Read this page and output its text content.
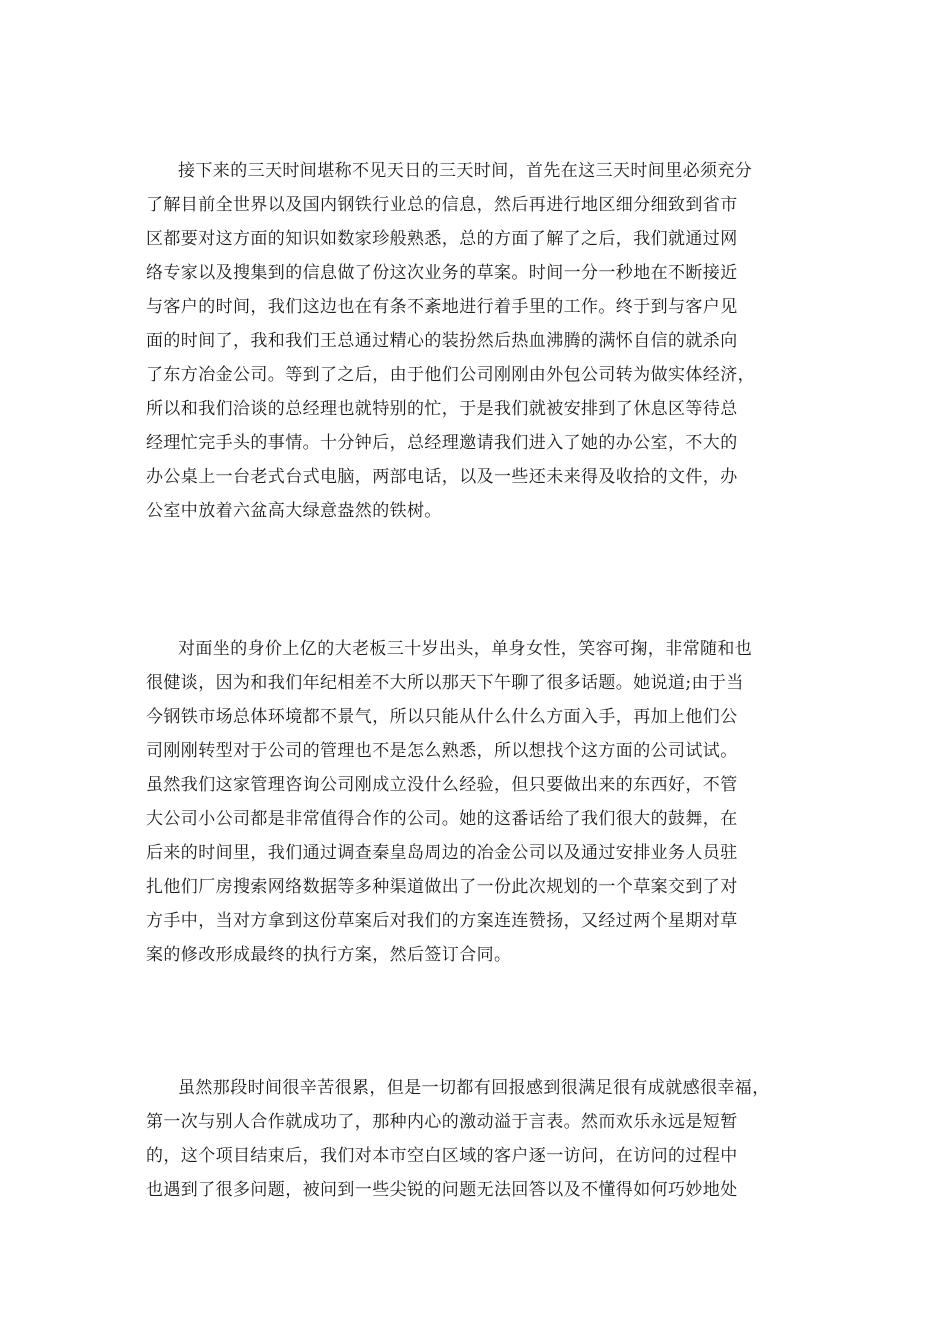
接下来的三天时间堪称不见天日的三天时间，首先在这三天时间里必须充分
了解目前全世界以及国内钢铁行业总的信息，然后再进行地区细分细致到省市
区都要对这方面的知识如数家珍般熟悉，总的方面了解了之后，我们就通过网
络专家以及搜集到的信息做了份这次业务的草案。时间一分一秒地在不断接近
与客户的时间，我们这边也在有条不紊地进行着手里的工作。终于到与客户见
面的时间了，我和我们王总通过精心的装扮然后热血沸腾的满怀自信的就杀向
了东方冶金公司。等到了之后，由于他们公司刚刚由外包公司转为做实体经济，
所以和我们洽谈的总经理也就特别的忙，于是我们就被安排到了休息区等待总
经理忙完手头的事情。十分钟后，总经理邀请我们进入了她的办公室，不大的
办公桌上一台老式台式电脑，两部电话，以及一些还未来得及收拾的文件，办
公室中放着六盆高大绿意盎然的铁树。
对面坐的身价上亿的大老板三十岁出头，单身女性，笑容可掬，非常随和也
很健谈，因为和我们年纪相差不大所以那天下午聊了很多话题。她说道;由于当
今钢铁市场总体环境都不景气，所以只能从什么什么方面入手，再加上他们公
司刚刚转型对于公司的管理也不是怎么熟悉，所以想找个这方面的公司试试。
虽然我们这家管理咨询公司刚成立没什么经验，但只要做出来的东西好，不管
大公司小公司都是非常值得合作的公司。她的这番话给了我们很大的鼓舞，在
后来的时间里，我们通过调查秦皇岛周边的冶金公司以及通过安排业务人员驻
扎他们厂房搜索网络数据等多种渠道做出了一份此次规划的一个草案交到了对
方手中，当对方拿到这份草案后对我们的方案连连赞扬，又经过两个星期对草
案的修改形成最终的执行方案，然后签订合同。
虽然那段时间很辛苦很累，但是一切都有回报感到很满足很有成就感很幸福，
第一次与别人合作就成功了，那种内心的激动溢于言表。然而欢乐永远是短暂
的，这个项目结束后，我们对本市空白区域的客户逐一访问，在访问的过程中
也遇到了很多问题，被问到一些尖锐的问题无法回答以及不懂得如何巧妙地处
